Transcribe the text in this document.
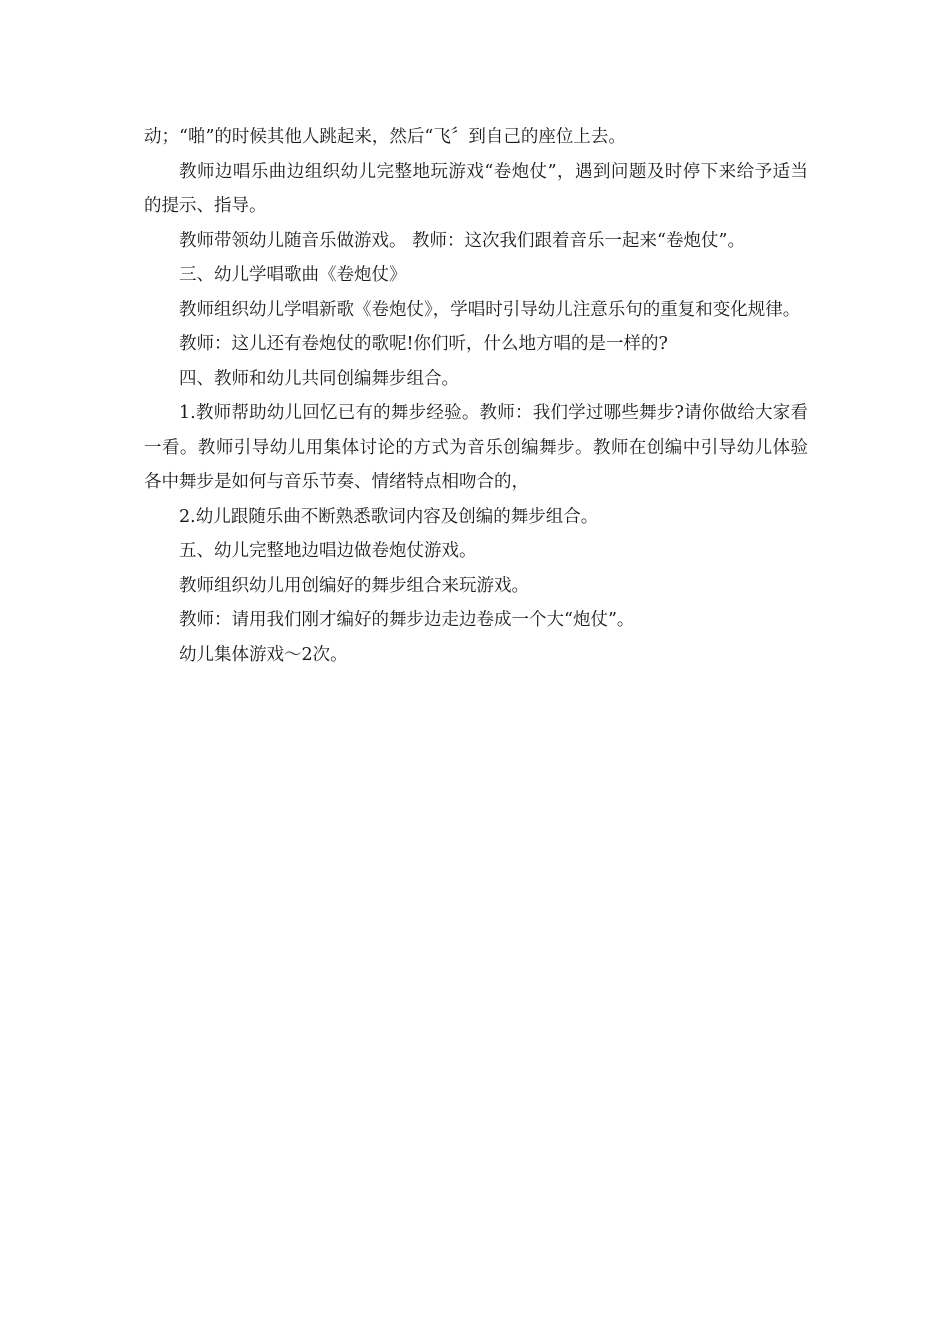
动；“啪”的时候其他人跳起来，然后“飞〞到自己的座位上去。

教师边唱乐曲边组织幼儿完整地玩游戏“卷炮仗”，遇到问题及时停下来给予适当的提示、指导。

教师带领幼儿随音乐做游戏。 教师：这次我们跟着音乐一起来“卷炮仗”。

三、幼儿学唱歌曲《卷炮仗》

教师组织幼儿学唱新歌《卷炮仗》，学唱时引导幼儿注意乐句的重复和变化规律。

教师：这儿还有卷炮仗的歌呢!你们听，什么地方唱的是一样的?

四、教师和幼儿共同创编舞步组合。

1.教师帮助幼儿回忆已有的舞步经验。教师：我们学过哪些舞步?请你做给大家看一看。教师引导幼儿用集体讨论的方式为音乐创编舞步。教师在创编中引导幼儿体验各中舞步是如何与音乐节奏、情绪特点相吻合的，

2.幼儿跟随乐曲不断熟悉歌词内容及创编的舞步组合。

五、幼儿完整地边唱边做卷炮仗游戏。

教师组织幼儿用创编好的舞步组合来玩游戏。

教师：请用我们刚才编好的舞步边走边卷成一个大“炮仗”。

幼儿集体游戏～2次。
